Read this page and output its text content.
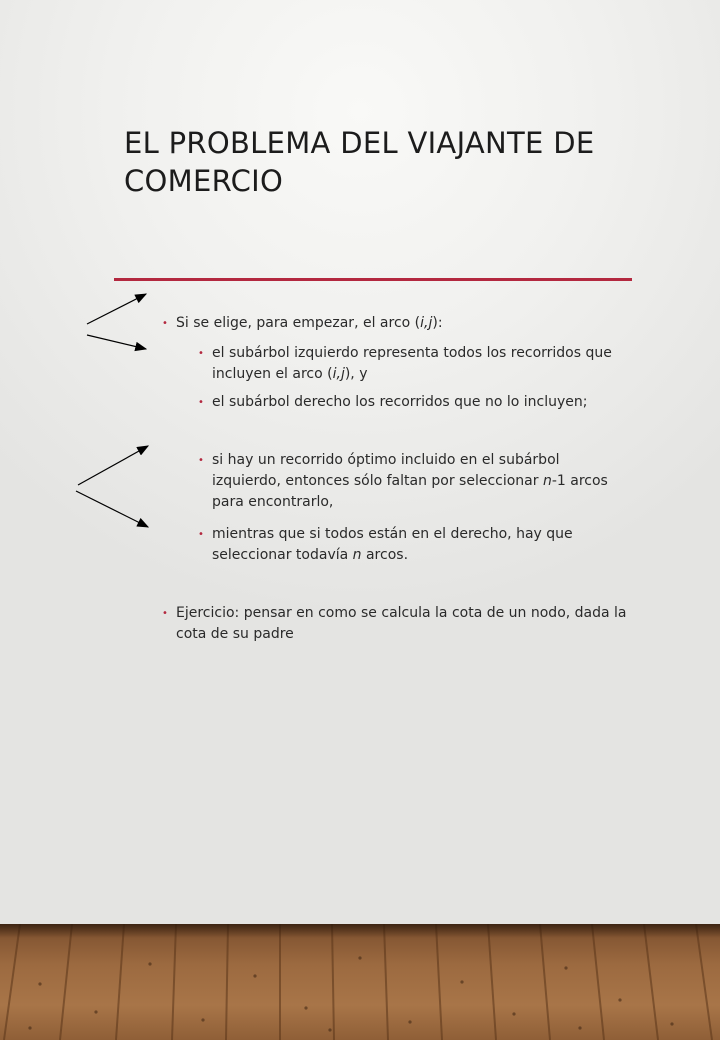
EL PROBLEMA DEL VIAJANTE DE COMERCIO

• Si se elige, para empezar, el arco (i,j):

• el subárbol izquierdo representa todos los recorridos que incluyen el arco (i,j), y

• el subárbol derecho los recorridos que no lo incluyen;

• si hay un recorrido óptimo incluido en el subárbol izquierdo, entonces sólo faltan por seleccionar n-1 arcos para encontrarlo,

• mientras que si todos están en el derecho, hay que seleccionar todavía n arcos.

• Ejercicio: pensar en como se calcula la cota de un nodo, dada la cota de su padre
